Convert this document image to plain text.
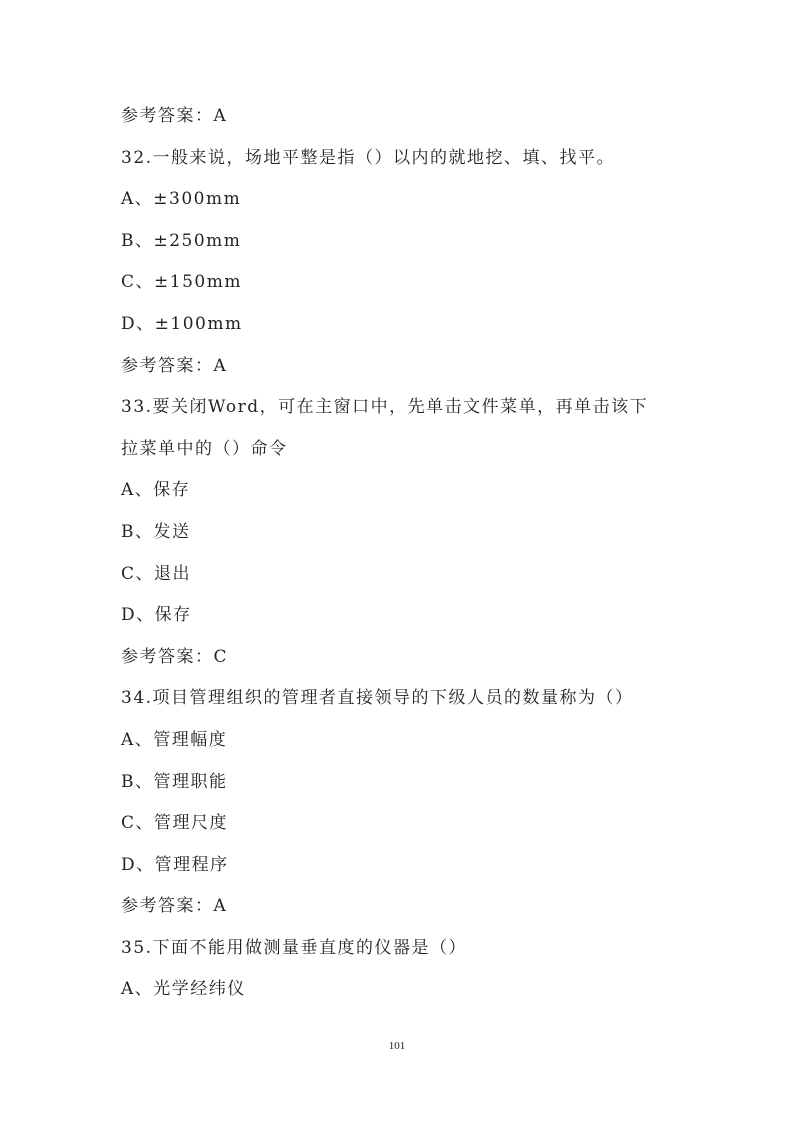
参考答案：A
32.一般来说，场地平整是指（）以内的就地挖、填、找平。
A、±300mm
B、±250mm
C、±150mm
D、±100mm
参考答案：A
33.要关闭Word，可在主窗口中，先单击文件菜单，再单击该下
拉菜单中的（）命令
A、保存
B、发送
C、退出
D、保存
参考答案：C
34.项目管理组织的管理者直接领导的下级人员的数量称为（）
A、管理幅度
B、管理职能
C、管理尺度
D、管理程序
参考答案：A
35.下面不能用做测量垂直度的仪器是（）
A、光学经纬仪
101
